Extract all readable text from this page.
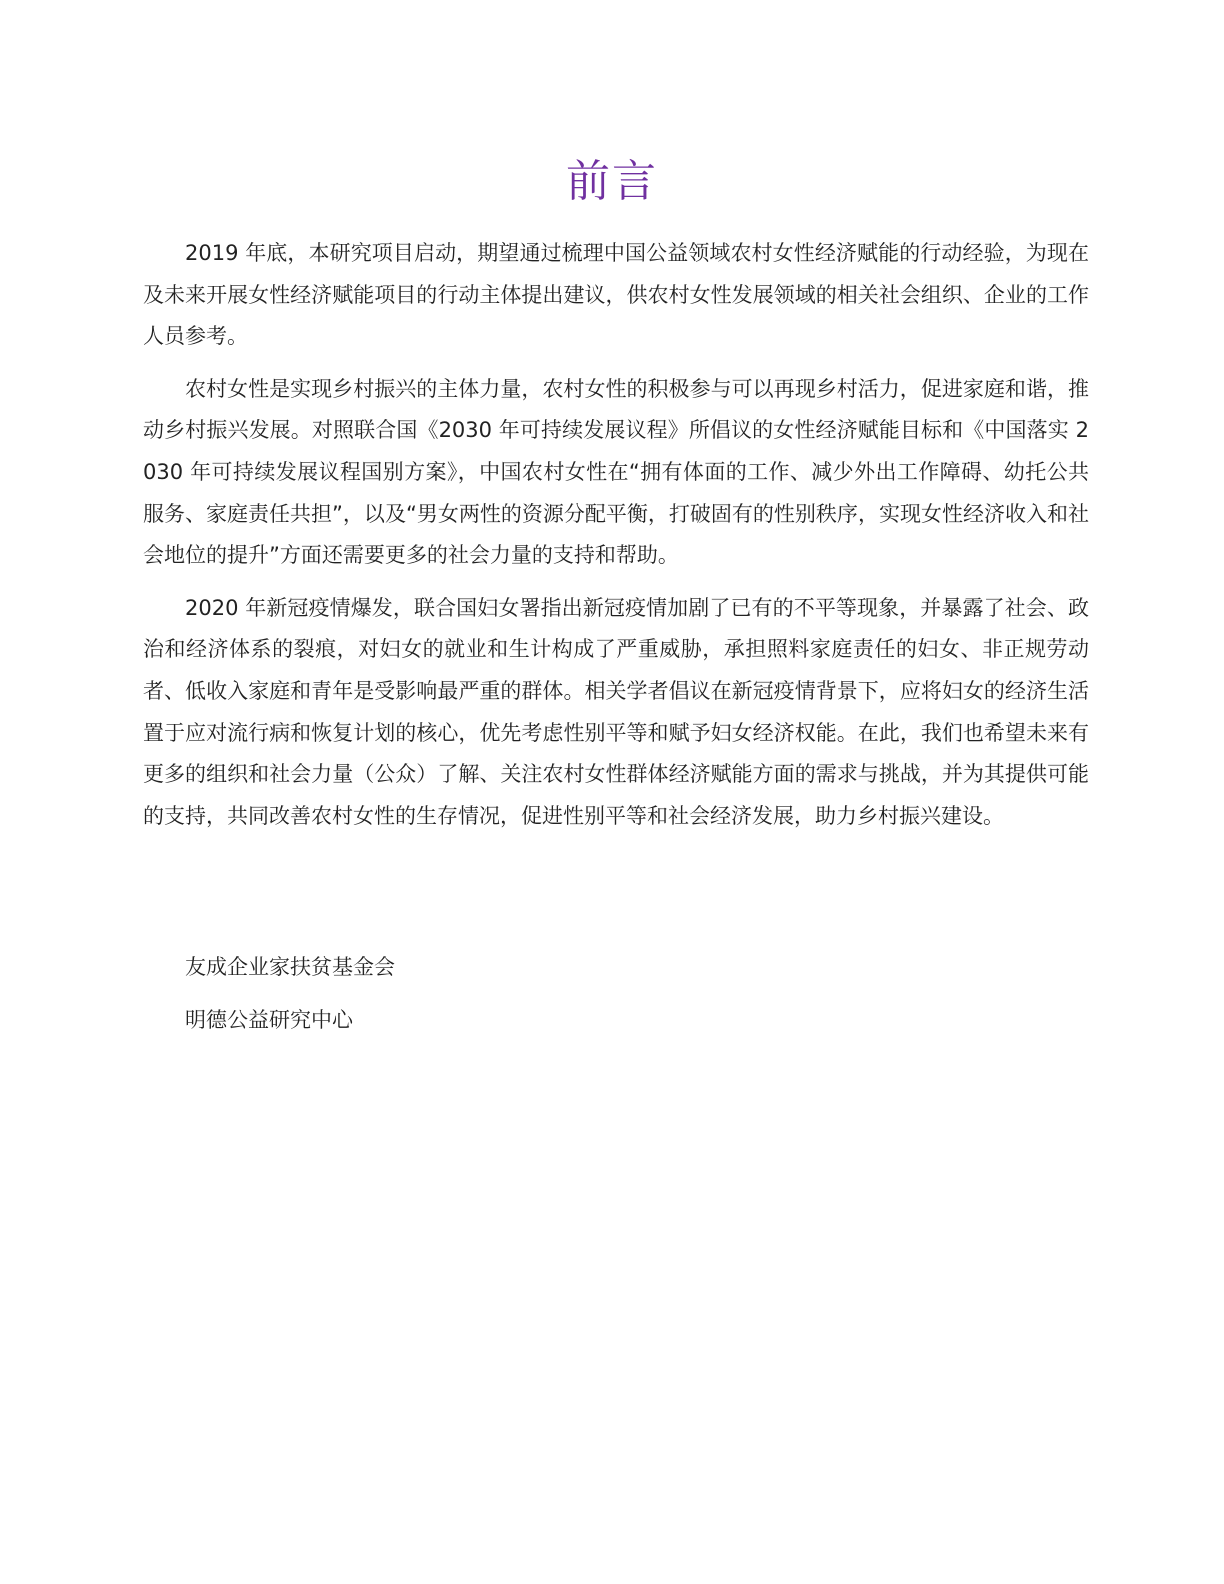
前言

2019 年底，本研究项目启动，期望通过梳理中国公益领域农村女性经济赋能的行动经验，为现在及未来开展女性经济赋能项目的行动主体提出建议，供农村女性发展领域的相关社会组织、企业的工作人员参考。

农村女性是实现乡村振兴的主体力量，农村女性的积极参与可以再现乡村活力，促进家庭和谐，推动乡村振兴发展。对照联合国《2030 年可持续发展议程》所倡议的女性经济赋能目标和《中国落实 2030 年可持续发展议程国别方案》，中国农村女性在“拥有体面的工作、减少外出工作障碍、幼托公共服务、家庭责任共担”，以及“男女两性的资源分配平衡，打破固有的性别秩序，实现女性经济收入和社会地位的提升”方面还需要更多的社会力量的支持和帮助。

2020 年新冠疫情爆发，联合国妇女署指出新冠疫情加剧了已有的不平等现象，并暴露了社会、政治和经济体系的裂痕，对妇女的就业和生计构成了严重威胁，承担照料家庭责任的妇女、非正规劳动者、低收入家庭和青年是受影响最严重的群体。相关学者倡议在新冠疫情背景下，应将妇女的经济生活置于应对流行病和恢复计划的核心，优先考虑性别平等和赋予妇女经济权能。在此，我们也希望未来有更多的组织和社会力量（公众）了解、关注农村女性群体经济赋能方面的需求与挑战，并为其提供可能的支持，共同改善农村女性的生存情况，促进性别平等和社会经济发展，助力乡村振兴建设。

友成企业家扶贫基金会
明德公益研究中心
